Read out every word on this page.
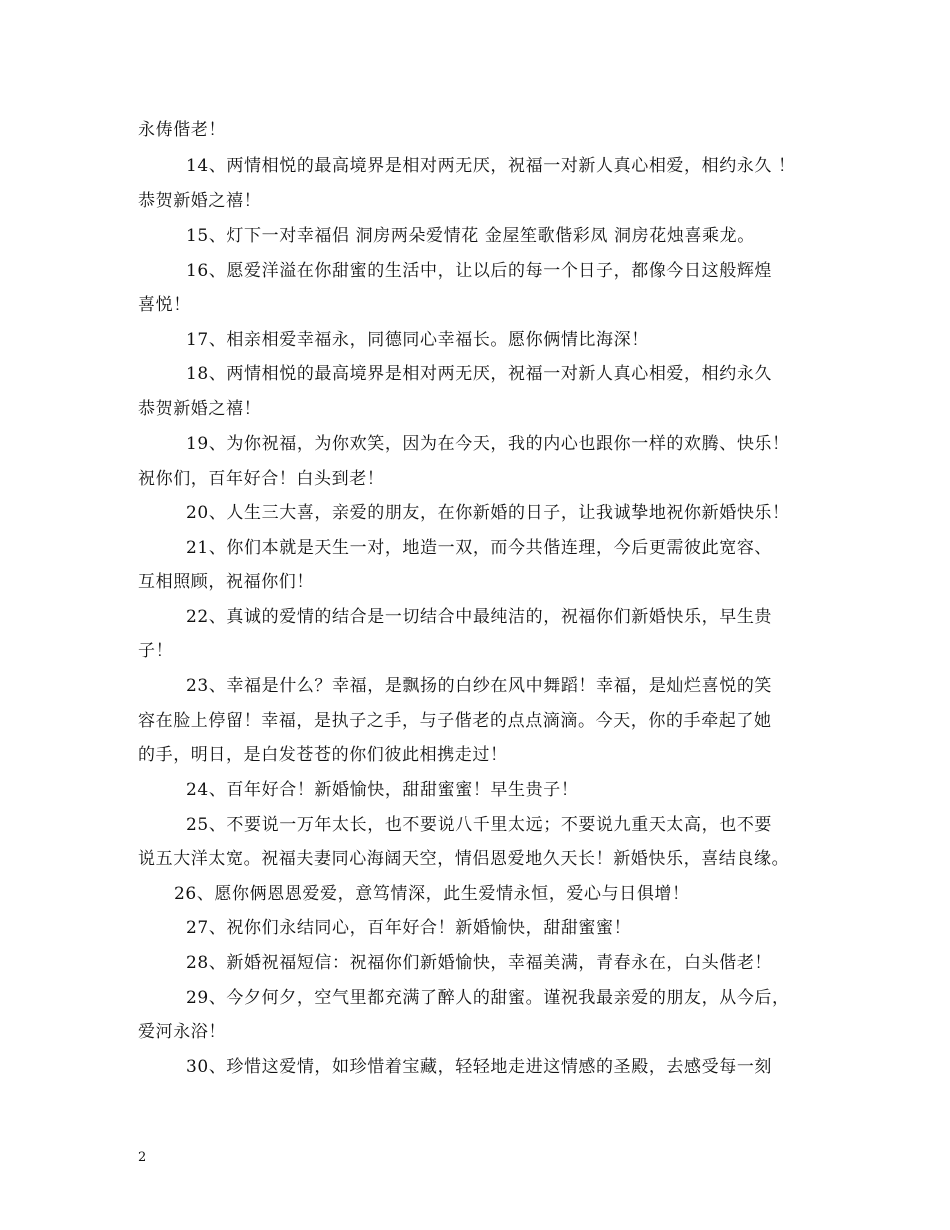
永俦偕老！
14、两情相悦的最高境界是相对两无厌，祝福一对新人真心相爱，相约永久 ！
恭贺新婚之禧！
15、灯下一对幸福侣 洞房两朵爱情花 金屋笙歌偕彩凤 洞房花烛喜乘龙。
16、愿爱洋溢在你甜蜜的生活中，让以后的每一个日子，都像今日这般辉煌
喜悦！
17、相亲相爱幸福永，同德同心幸福长。愿你俩情比海深！
18、两情相悦的最高境界是相对两无厌，祝福一对新人真心相爱，相约永久
恭贺新婚之禧！
19、为你祝福，为你欢笑，因为在今天，我的内心也跟你一样的欢腾、快乐！
祝你们，百年好合！白头到老！
20、人生三大喜，亲爱的朋友，在你新婚的日子，让我诚挚地祝你新婚快乐！
21、你们本就是天生一对，地造一双，而今共偕连理，今后更需彼此宽容、
互相照顾，祝福你们！
22、真诚的爱情的结合是一切结合中最纯洁的，祝福你们新婚快乐，早生贵
子！
23、幸福是什么？幸福，是飘扬的白纱在风中舞蹈！幸福，是灿烂喜悦的笑
容在脸上停留！幸福，是执子之手，与子偕老的点点滴滴。今天，你的手牵起了她
的手，明日，是白发苍苍的你们彼此相携走过！
24、百年好合！新婚愉快，甜甜蜜蜜！早生贵子！
25、不要说一万年太长，也不要说八千里太远；不要说九重天太高，也不要
说五大洋太宽。祝福夫妻同心海阔天空，情侣恩爱地久天长！新婚快乐，喜结良缘。
26、愿你俩恩恩爱爱，意笃情深，此生爱情永恒，爱心与日俱增！
27、祝你们永结同心，百年好合！新婚愉快，甜甜蜜蜜！
28、新婚祝福短信：祝福你们新婚愉快，幸福美满，青春永在，白头偕老！
29、今夕何夕，空气里都充满了醉人的甜蜜。谨祝我最亲爱的朋友，从今后，
爱河永浴！
30、珍惜这爱情，如珍惜着宝藏，轻轻地走进这情感的圣殿，去感受每一刻
2
